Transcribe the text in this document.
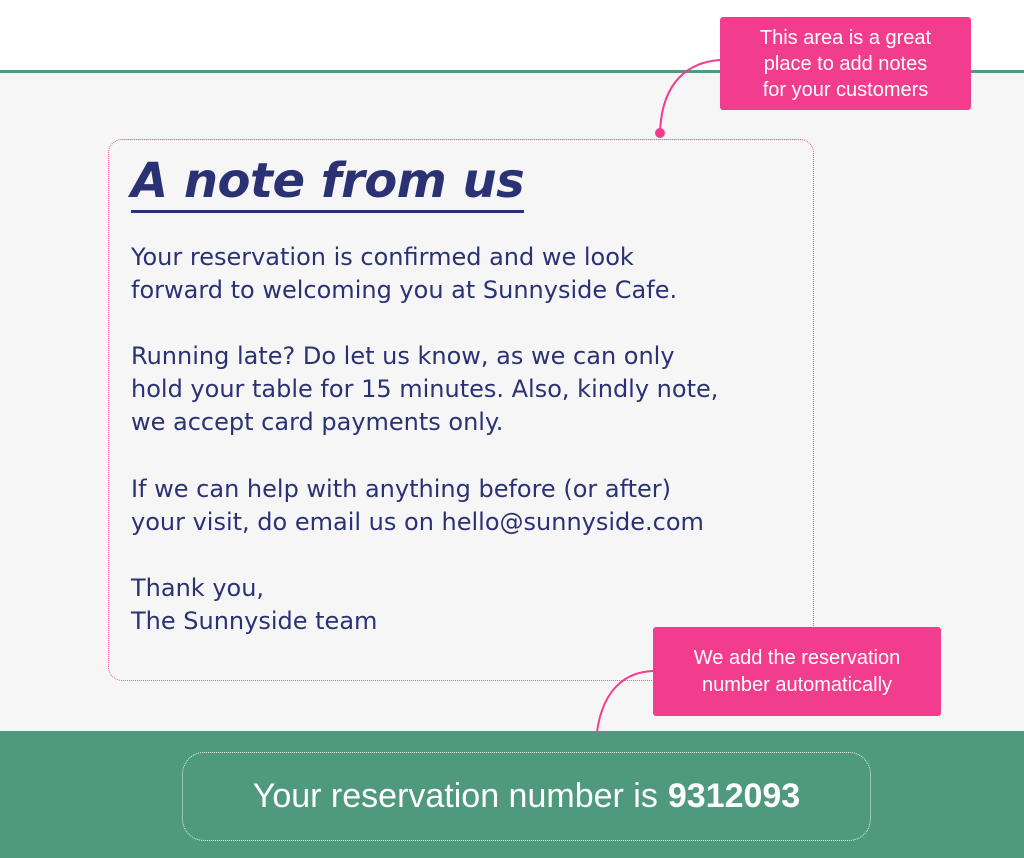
A note from us

Your reservation is confirmed and we look
forward to welcoming you at Sunnyside Cafe.

Running late? Do let us know, as we can only
hold your table for 15 minutes. Also, kindly note,
we accept card payments only.

If we can help with anything before (or after)
your visit, do email us on hello@sunnyside.com

Thank you,
The Sunnyside team

This area is a great
place to add notes
for your customers
Your reservation number is 9312093
We add the reservation
number automatically
